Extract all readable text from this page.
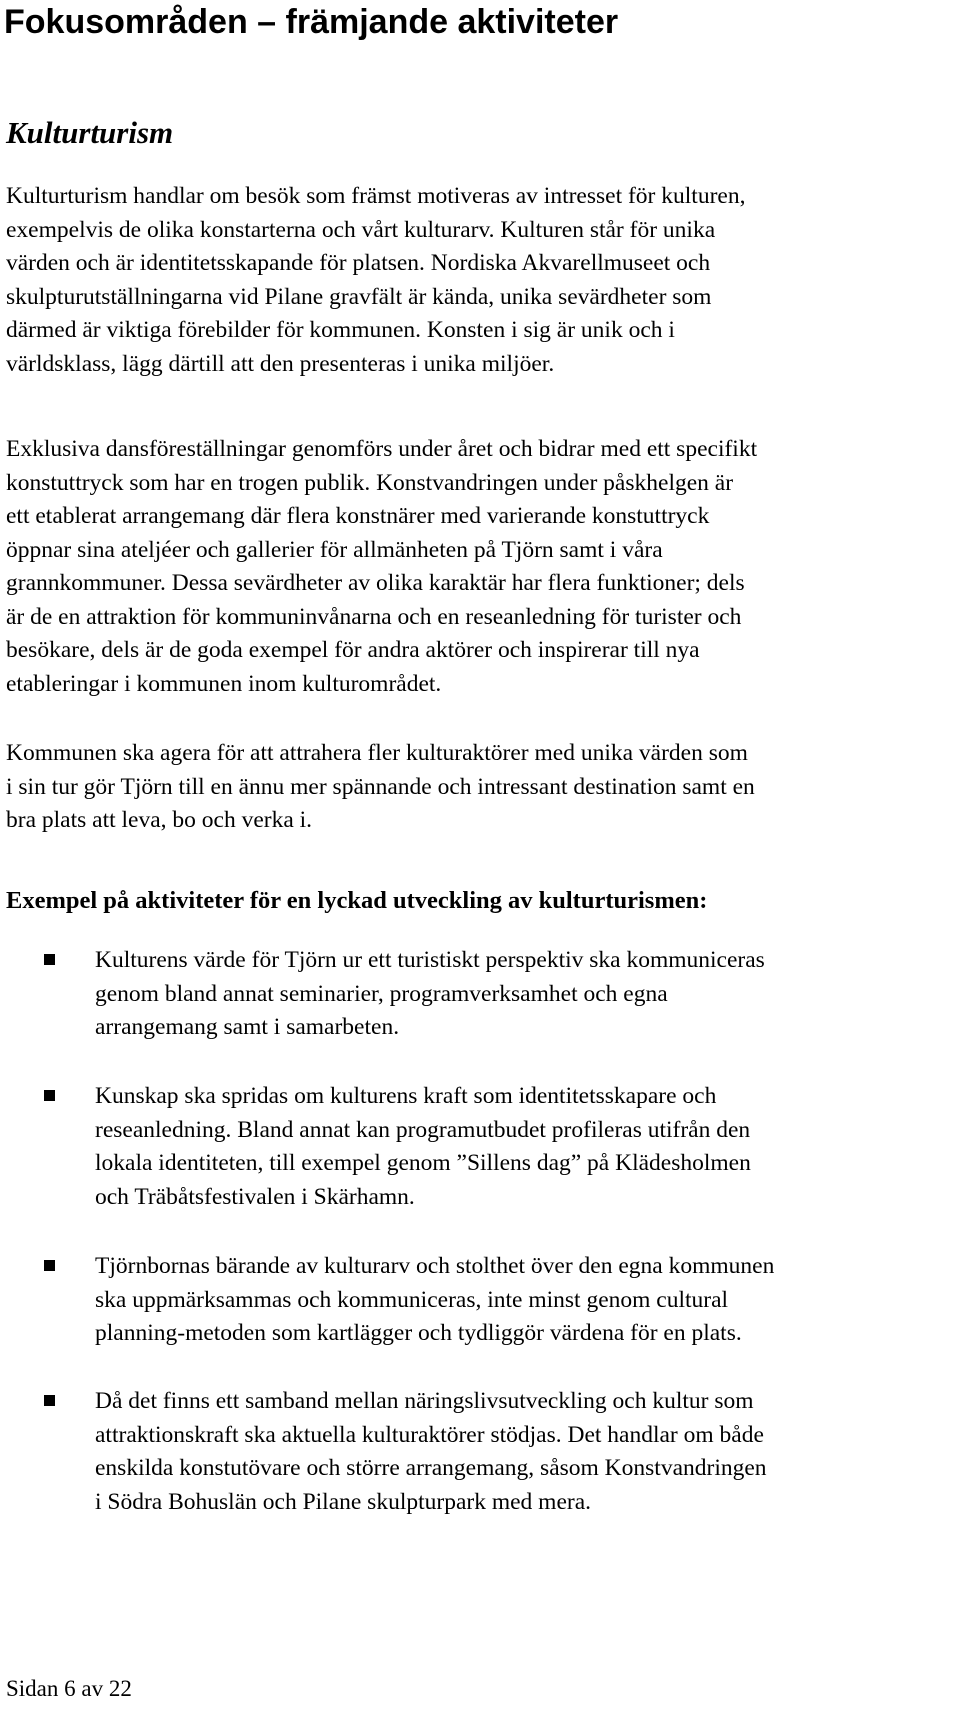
Fokusområden – främjande aktiviteter
Kulturturism

Kulturturism handlar om besök som främst motiveras av intresset för kulturen,
exempelvis de olika konstarterna och vårt kulturarv. Kulturen står för unika
värden och är identitetsskapande för platsen. Nordiska Akvarellmuseet och
skulpturutställningarna vid Pilane gravfält är kända, unika sevärdheter som
därmed är viktiga förebilder för kommunen. Konsten i sig är unik och i
världsklass, lägg därtill att den presenteras i unika miljöer.

Exklusiva dansföreställningar genomförs under året och bidrar med ett specifikt
konstuttryck som har en trogen publik. Konstvandringen under påskhelgen är
ett etablerat arrangemang där flera konstnärer med varierande konstuttryck
öppnar sina ateljéer och gallerier för allmänheten på Tjörn samt i våra
grannkommuner. Dessa sevärdheter av olika karaktär har flera funktioner; dels
är de en attraktion för kommuninvånarna och en reseanledning för turister och
besökare, dels är de goda exempel för andra aktörer och inspirerar till nya
etableringar i kommunen inom kulturområdet.

Kommunen ska agera för att attrahera fler kulturaktörer med unika värden som
i sin tur gör Tjörn till en ännu mer spännande och intressant destination samt en
bra plats att leva, bo och verka i.

Exempel på aktiviteter för en lyckad utveckling av kulturturismen:

Kulturens värde för Tjörn ur ett turistiskt perspektiv ska kommuniceras
genom bland annat seminarier, programverksamhet och egna
arrangemang samt i samarbeten.

Kunskap ska spridas om kulturens kraft som identitetsskapare och
reseanledning. Bland annat kan programutbudet profileras utifrån den
lokala identiteten, till exempel genom ”Sillens dag” på Klädesholmen
och Träbåtsfestivalen i Skärhamn.

Tjörnbornas bärande av kulturarv och stolthet över den egna kommunen
ska uppmärksammas och kommuniceras, inte minst genom cultural
planning-metoden som kartlägger och tydliggör värdena för en plats.

Då det finns ett samband mellan näringslivsutveckling och kultur som
attraktionskraft ska aktuella kulturaktörer stödjas. Det handlar om både
enskilda konstutövare och större arrangemang, såsom Konstvandringen
i Södra Bohuslän och Pilane skulpturpark med mera.

Sidan 6 av 22
